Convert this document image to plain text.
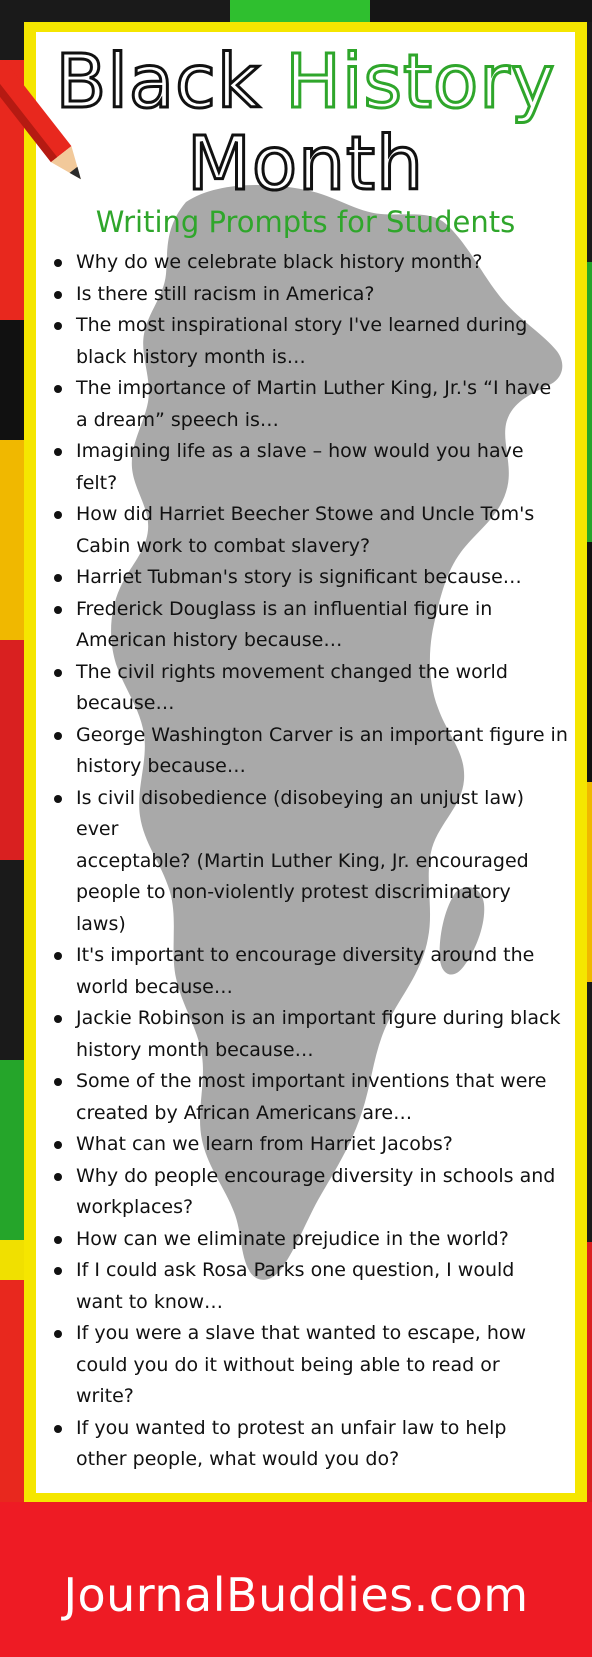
Black History
Month
Writing Prompts for Students
Why do we celebrate black history month?
Is there still racism in America?
The most inspirational story I've learned during
black history month is…
The importance of Martin Luther King, Jr.'s “I have
a dream” speech is…
Imagining life as a slave – how would you have
felt?
How did Harriet Beecher Stowe and Uncle Tom's
Cabin work to combat slavery?
Harriet Tubman's story is significant because…
Frederick Douglass is an influential figure in
American history because…
The civil rights movement changed the world
because…
George Washington Carver is an important figure in
history because…
Is civil disobedience (disobeying an unjust law) ever
acceptable? (Martin Luther King, Jr. encouraged
people to non-violently protest discriminatory
laws)
It's important to encourage diversity around the
world because…
Jackie Robinson is an important figure during black
history month because…
Some of the most important inventions that were
created by African Americans are…
What can we learn from Harriet Jacobs?
Why do people encourage diversity in schools and
workplaces?
How can we eliminate prejudice in the world?
If I could ask Rosa Parks one question, I would
want to know…
If you were a slave that wanted to escape, how
could you do it without being able to read or
write?
If you wanted to protest an unfair law to help
other people, what would you do?
JournalBuddies.com
